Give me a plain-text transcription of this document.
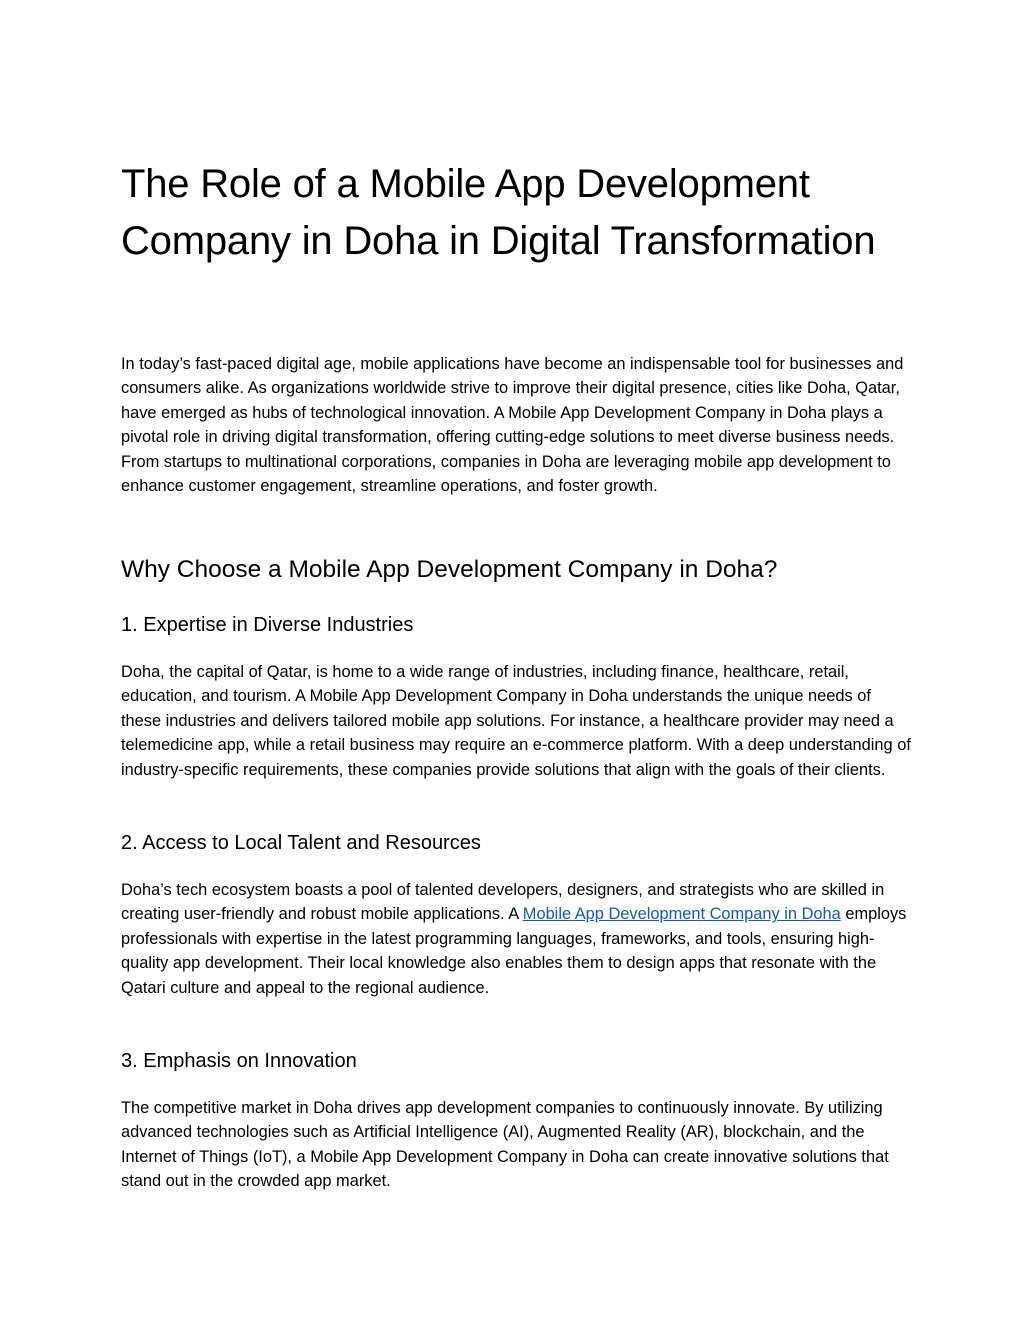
The Role of a Mobile App Development Company in Doha in Digital Transformation

In today’s fast-paced digital age, mobile applications have become an indispensable tool for businesses and consumers alike. As organizations worldwide strive to improve their digital presence, cities like Doha, Qatar, have emerged as hubs of technological innovation. A Mobile App Development Company in Doha plays a pivotal role in driving digital transformation, offering cutting-edge solutions to meet diverse business needs. From startups to multinational corporations, companies in Doha are leveraging mobile app development to enhance customer engagement, streamline operations, and foster growth.

Why Choose a Mobile App Development Company in Doha?
1. Expertise in Diverse Industries

Doha, the capital of Qatar, is home to a wide range of industries, including finance, healthcare, retail, education, and tourism. A Mobile App Development Company in Doha understands the unique needs of these industries and delivers tailored mobile app solutions. For instance, a healthcare provider may need a telemedicine app, while a retail business may require an e-commerce platform. With a deep understanding of industry-specific requirements, these companies provide solutions that align with the goals of their clients.

2. Access to Local Talent and Resources

Doha’s tech ecosystem boasts a pool of talented developers, designers, and strategists who are skilled in creating user-friendly and robust mobile applications. A Mobile App Development Company in Doha employs professionals with expertise in the latest programming languages, frameworks, and tools, ensuring high-quality app development. Their local knowledge also enables them to design apps that resonate with the Qatari culture and appeal to the regional audience.

3. Emphasis on Innovation

The competitive market in Doha drives app development companies to continuously innovate. By utilizing advanced technologies such as Artificial Intelligence (AI), Augmented Reality (AR), blockchain, and the Internet of Things (IoT), a Mobile App Development Company in Doha can create innovative solutions that stand out in the crowded app market.
